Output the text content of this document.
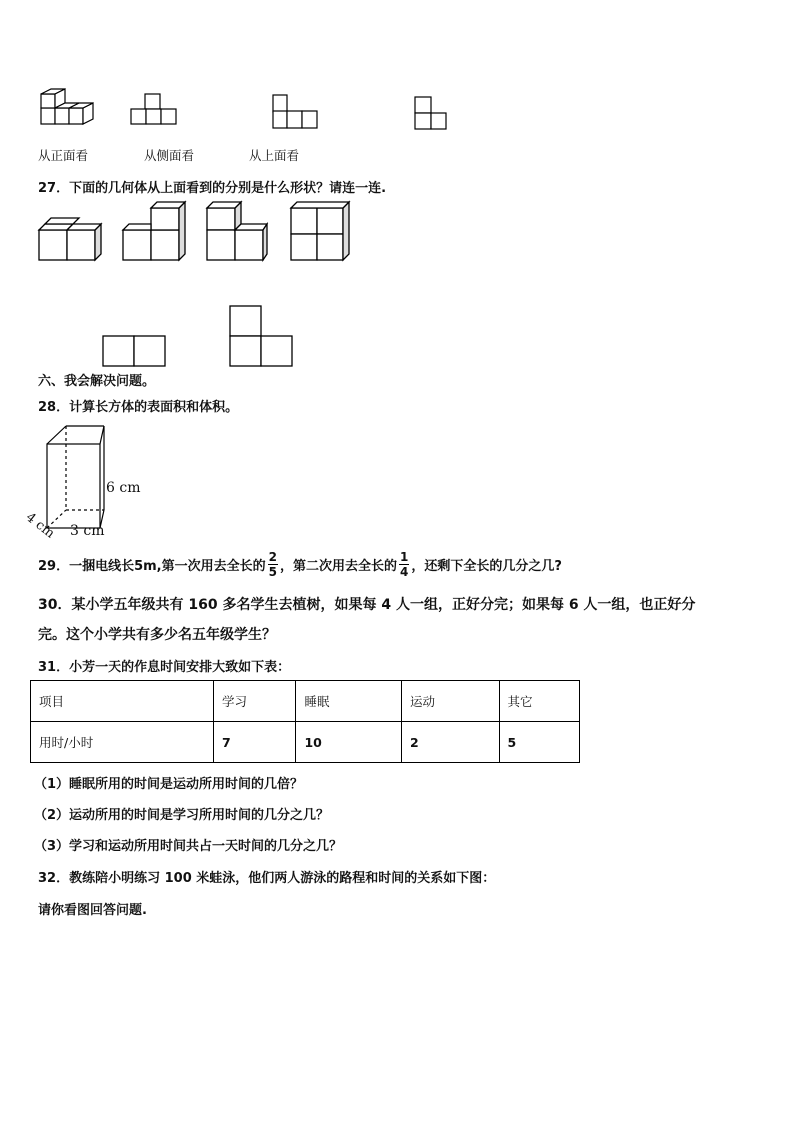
从正面看	从侧面看	从上面看
27．下面的几何体从上面看到的分别是什么形状？请连一连.
六、我会解决问题。
28．计算长方体的表面积和体积。
6 cm
3 cm
4 cm
29．一捆电线长5m,第一次用去全长的 $\frac{2}{5}$ ，第二次用去全长的 $\frac{1}{4}$ ，还剩下全长的几分之几?
30．某小学五年级共有 160 多名学生去植树，如果每 4 人一组，正好分完；如果每 6 人一组，也正好分
完。这个小学共有多少名五年级学生？
31．小芳一天的作息时间安排大致如下表：
项目	学习	睡眠	运动	其它
用时/小时	7	10	2	5
（1）睡眠所用的时间是运动所用时间的几倍？
（2）运动所用的时间是学习所用时间的几分之几？
（3）学习和运动所用时间共占一天时间的几分之几？
32．教练陪小明练习 100 米蛙泳，他们两人游泳的路程和时间的关系如下图：
请你看图回答问题.
